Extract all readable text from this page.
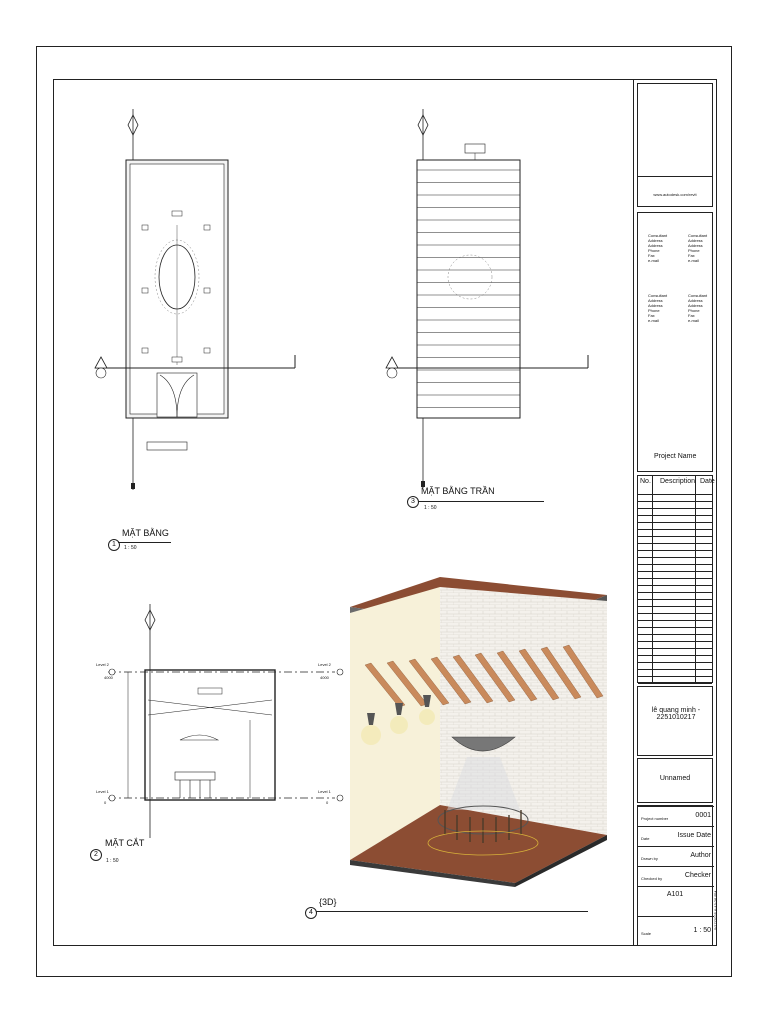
www.autodesk.com/revit
Consultant
Address
Address
Phone
Fax
e-mail
Consultant
Address
Address
Phone
Fax
e-mail
Consultant
Address
Address
Phone
Fax
e-mail
Consultant
Address
Address
Phone
Fax
e-mail
Project Name
No. Description Date
lê quang minh - 2251010217
Unnamed
Project number	0001
Date	Issue Date
Drawn by	Author
Checked by	Checker
A101
Scale	1 : 50
5/17/2025 6:43:26 PM
1
MẶT BẰNG
1 : 50
3
MẶT BẰNG TRẦN
1 : 50
Level 2
4000
Level 1
0
Level 2
4000
Level 1
0
2
MẶT CẮT
1 : 50
4
{3D}
